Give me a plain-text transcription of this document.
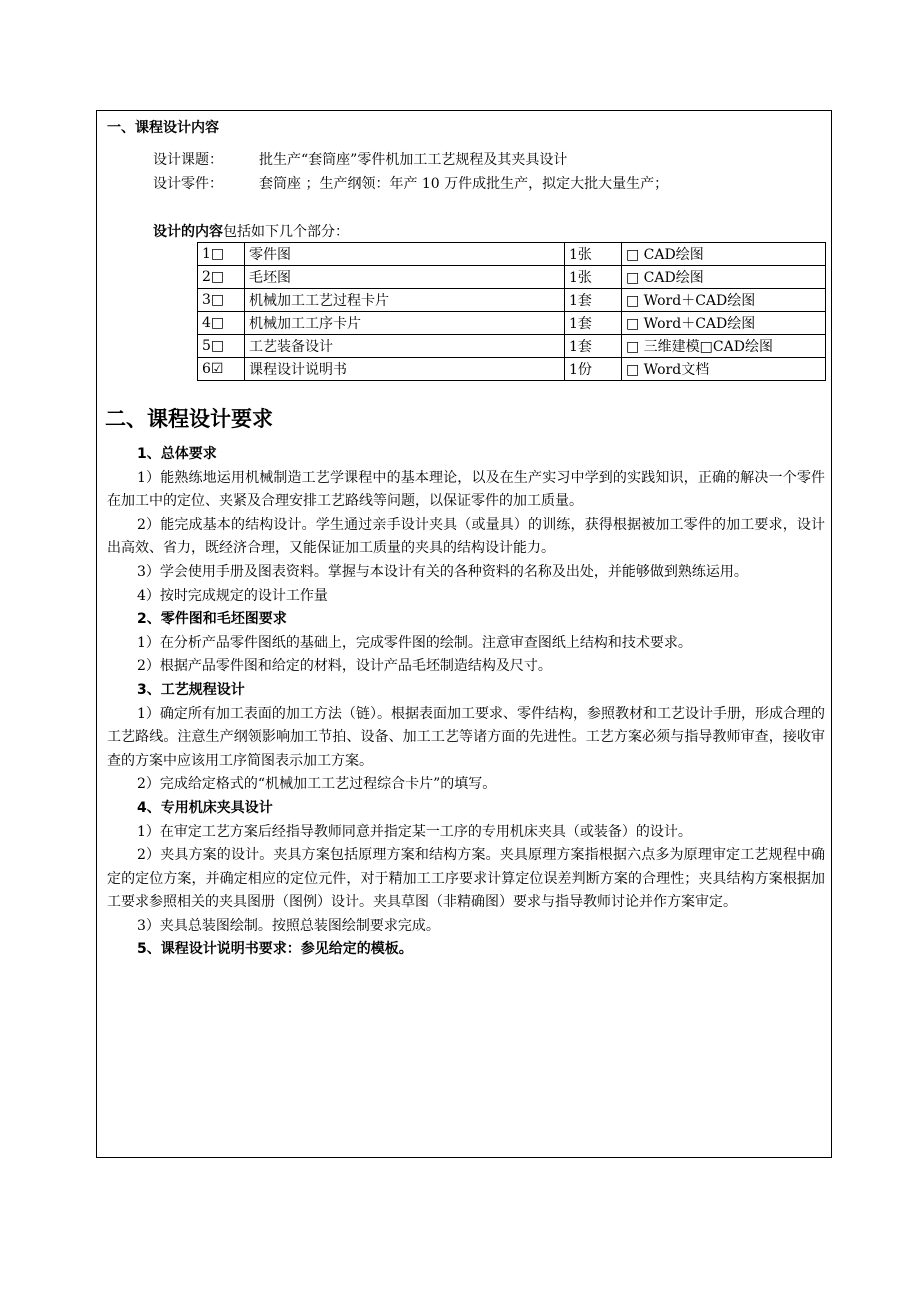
一、课程设计内容
设计课题：	批生产“套筒座”零件机加工工艺规程及其夹具设计
设计零件：	套筒座 ；生产纲领：年产 10 万件成批生产，拟定大批大量生产；
设计的内容包括如下几个部分：
1□	零件图	1张	□ CAD绘图
2□	毛坯图	1张	□ CAD绘图
3□	机械加工工艺过程卡片	1套	□ Word＋CAD绘图
4□	机械加工工序卡片	1套	□ Word＋CAD绘图
5□	工艺装备设计	1套	□ 三维建模□CAD绘图
6☑	课程设计说明书	1份	□ Word文档
二、课程设计要求

1、总体要求

1）能熟练地运用机械制造工艺学课程中的基本理论，以及在生产实习中学到的实践知识，正确的解决一个零件在加工中的定位、夹紧及合理安排工艺路线等问题，以保证零件的加工质量。

2）能完成基本的结构设计。学生通过亲手设计夹具（或量具）的训练，获得根据被加工零件的加工要求，设计出高效、省力，既经济合理，又能保证加工质量的夹具的结构设计能力。

3）学会使用手册及图表资料。掌握与本设计有关的各种资料的名称及出处，并能够做到熟练运用。

4）按时完成规定的设计工作量

2、零件图和毛坯图要求

1）在分析产品零件图纸的基础上，完成零件图的绘制。注意审查图纸上结构和技术要求。

2）根据产品零件图和给定的材料，设计产品毛坯制造结构及尺寸。

3、工艺规程设计

1）确定所有加工表面的加工方法（链）。根据表面加工要求、零件结构，参照教材和工艺设计手册，形成合理的工艺路线。注意生产纲领影响加工节拍、设备、加工工艺等诸方面的先进性。工艺方案必须与指导教师审查，接收审查的方案中应该用工序简图表示加工方案。

2）完成给定格式的“机械加工工艺过程综合卡片”的填写。

4、专用机床夹具设计

1）在审定工艺方案后经指导教师同意并指定某一工序的专用机床夹具（或装备）的设计。

2）夹具方案的设计。夹具方案包括原理方案和结构方案。夹具原理方案指根据六点多为原理审定工艺规程中确定的定位方案，并确定相应的定位元件，对于精加工工序要求计算定位误差判断方案的合理性；夹具结构方案根据加工要求参照相关的夹具图册（图例）设计。夹具草图（非精确图）要求与指导教师讨论并作方案审定。

3）夹具总装图绘制。按照总装图绘制要求完成。

5、课程设计说明书要求：参见给定的模板。
